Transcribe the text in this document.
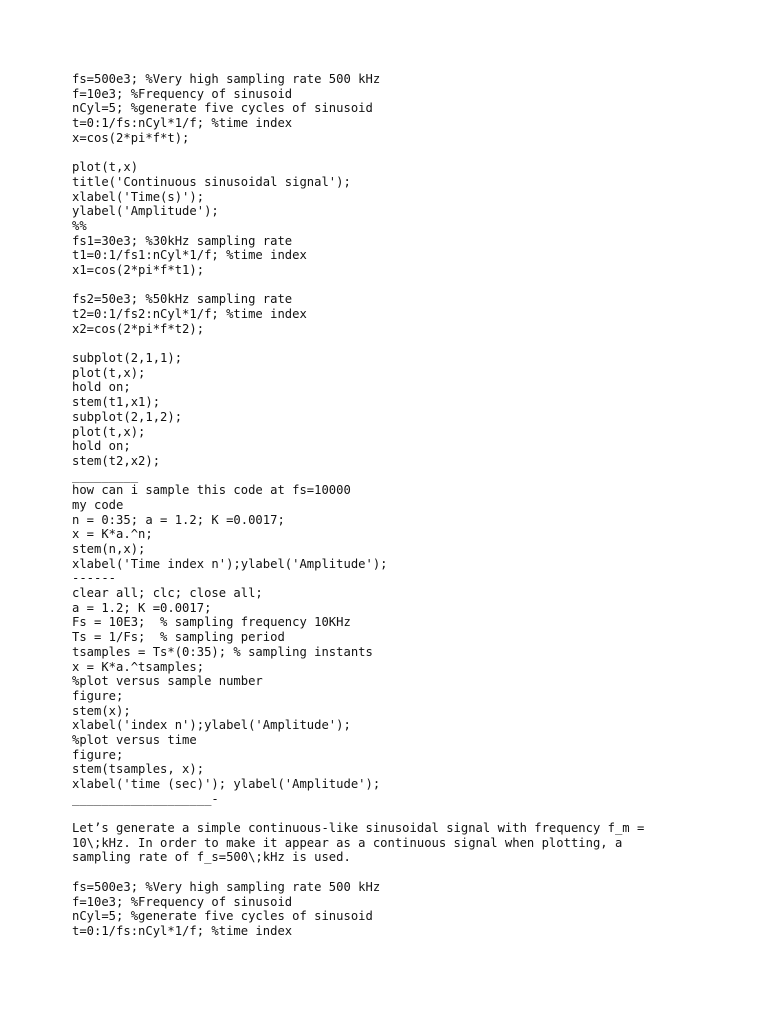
fs=500e3; %Very high sampling rate 500 kHz
f=10e3; %Frequency of sinusoid
nCyl=5; %generate five cycles of sinusoid
t=0:1/fs:nCyl*1/f; %time index
x=cos(2*pi*f*t);
plot(t,x)
title('Continuous sinusoidal signal');
xlabel('Time(s)');
ylabel('Amplitude');
%%
fs1=30e3; %30kHz sampling rate
t1=0:1/fs1:nCyl*1/f; %time index
x1=cos(2*pi*f*t1);
fs2=50e3; %50kHz sampling rate
t2=0:1/fs2:nCyl*1/f; %time index
x2=cos(2*pi*f*t2);
subplot(2,1,1);
plot(t,x);
hold on;
stem(t1,x1);
subplot(2,1,2);
plot(t,x);
hold on;
stem(t2,x2);
_________
how can i sample this code at fs=10000
my code
n = 0:35; a = 1.2; K =0.0017;
x = K*a.^n;
stem(n,x);
xlabel('Time index n');ylabel('Amplitude');
------
clear all; clc; close all;
a = 1.2; K =0.0017;
Fs = 10E3;  % sampling frequency 10KHz
Ts = 1/Fs;  % sampling period
tsamples = Ts*(0:35); % sampling instants
x = K*a.^tsamples;
%plot versus sample number
figure;
stem(x);
xlabel('index n');ylabel('Amplitude');
%plot versus time
figure;
stem(tsamples, x);
xlabel('time (sec)'); ylabel('Amplitude');
___________________-
Let’s generate a simple continuous-like sinusoidal signal with frequency f_m =
10\;kHz. In order to make it appear as a continuous signal when plotting, a
sampling rate of f_s=500\;kHz is used.
fs=500e3; %Very high sampling rate 500 kHz
f=10e3; %Frequency of sinusoid
nCyl=5; %generate five cycles of sinusoid
t=0:1/fs:nCyl*1/f; %time index
